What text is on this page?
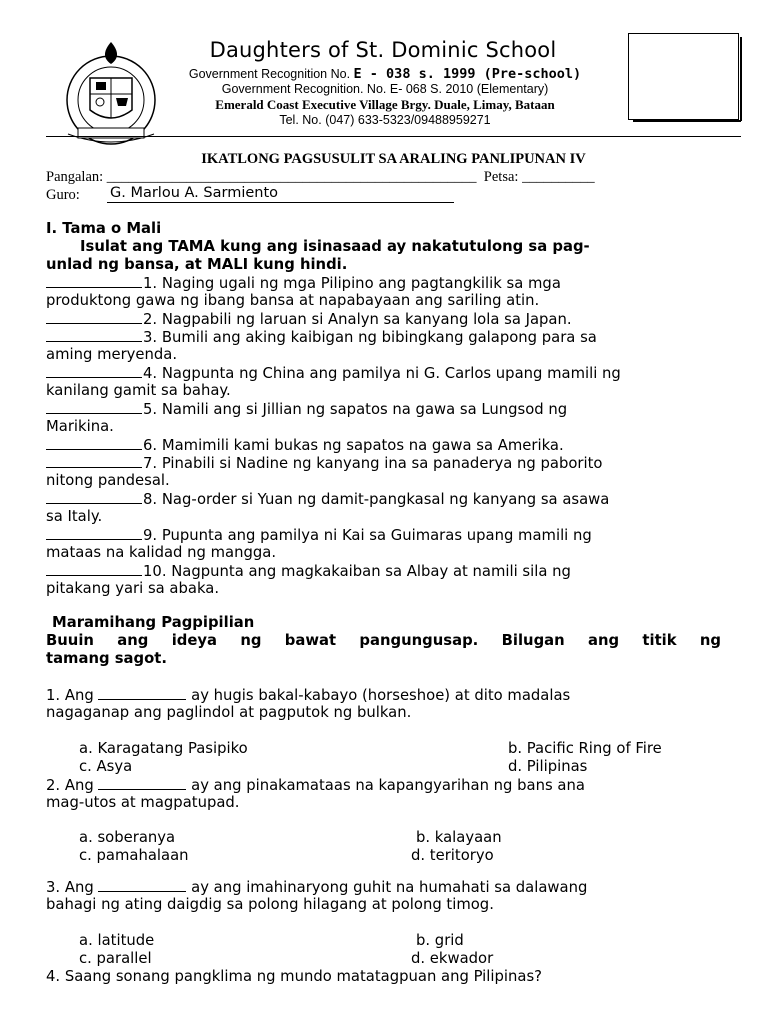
Daughters of St. Dominic School
Government Recognition No. E - 038 s. 1999 (Pre-school)
Government Recognition. No. E- 068 S. 2010 (Elementary)
Emerald Coast Executive Village Brgy. Duale, Limay, Bataan
Tel. No. (047) 633-5323/09488959271
IKATLONG PAGSUSULIT SA ARALING PANLIPUNAN IV
Pangalan: ___________________________________________________  Petsa: __________
Guro: G. Marlou A. Sarmiento
I. Tama o Mali
Isulat ang TAMA kung ang isinasaad ay nakatutulong sa pag-
unlad ng bansa, at MALI kung hindi.
1. Naging ugali ng mga Pilipino ang pagtangkilik sa mga
produktong gawa ng ibang bansa at napabayaan ang sariling atin.
2. Nagpabili ng laruan si Analyn sa kanyang lola sa Japan.
3. Bumili ang aking kaibigan ng bibingkang galapong para sa
aming meryenda.
4. Nagpunta ng China ang pamilya ni G. Carlos upang mamili ng
kanilang gamit sa bahay.
5. Namili ang si Jillian ng sapatos na gawa sa Lungsod ng
Marikina.
6. Mamimili kami bukas ng sapatos na gawa sa Amerika.
7. Pinabili si Nadine ng kanyang ina sa panaderya ng paborito
nitong pandesal.
8. Nag-order si Yuan ng damit-pangkasal ng kanyang sa asawa
sa Italy.
9. Pupunta ang pamilya ni Kai sa Guimaras upang mamili ng
mataas na kalidad ng mangga.
10. Nagpunta ang magkakaiban sa Albay at namili sila ng
pitakang yari sa abaka.
Maramihang Pagpipilian
Buuin ang ideya ng bawat pangungusap. Bilugan ang titik ng
tamang sagot.
1. Ang	ay hugis bakal-kabayo (horseshoe) at dito madalas
nagaganap ang paglindol at pagputok ng bulkan.
a. Karagatang Pasipiko	b. Pacific Ring of Fire
c. Asya	d. Pilipinas
2. Ang	ay ang pinakamataas na kapangyarihan ng bans ana
mag-utos at magpatupad.
a. soberanya	b. kalayaan
c. pamahalaan	d. teritoryo
3. Ang	ay ang imahinaryong guhit na humahati sa dalawang
bahagi ng ating daigdig sa polong hilagang at polong timog.
a. latitude	b. grid
c. parallel	d. ekwador
4. Saang sonang pangklima ng mundo matatagpuan ang Pilipinas?
